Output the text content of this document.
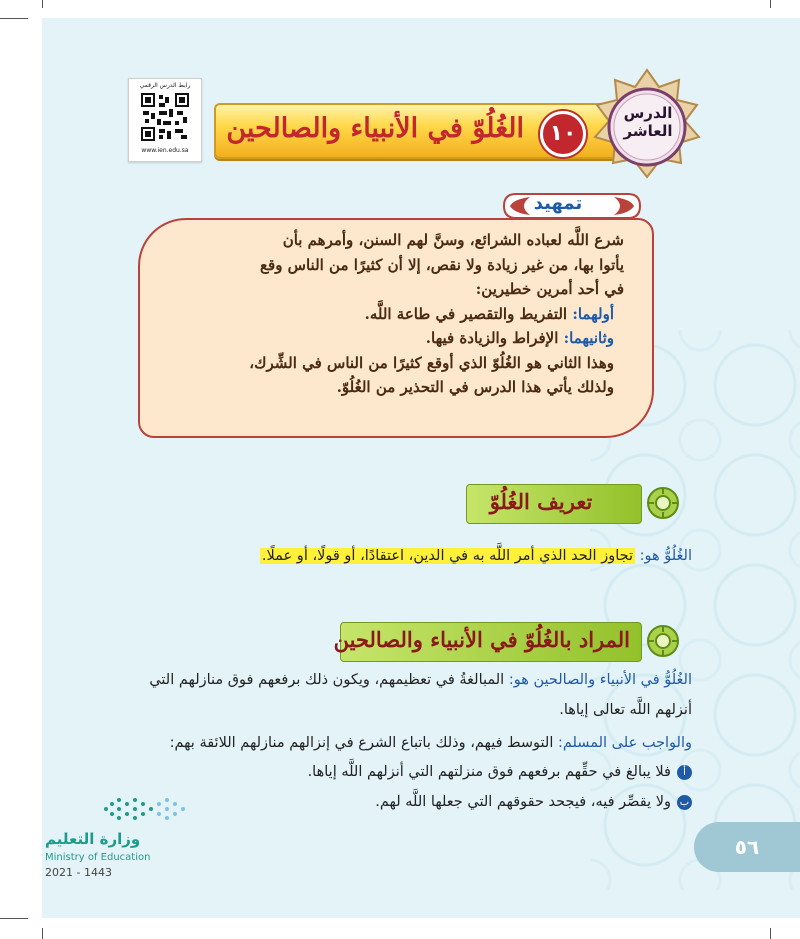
رابط الدرس الرقمي
www.ien.edu.sa
الغُلُوّ في الأنبياء والصالحين	١٠
الدرس
العاشر
تمهيد
شرع اللَّه لعباده الشرائع، وسنَّ لهم السنن، وأمرهم بأن
يأتوا بها، من غير زيادة ولا نقص، إلا أن كثيرًا من الناس وقع
في أحد أمرين خطيرين:
أولهما: التفريط والتقصير في طاعة اللَّه.
وثانيهما: الإفراط والزيادة فيها.
وهذا الثاني هو الغُلُوّ الذي أوقع كثيرًا من الناس في الشِّرك،
ولذلك يأتي هذا الدرس في التحذير من الغُلُوّ.
تعريف الغُلُوّ
الغُلُوُّ هو: تجاوز الحد الذي أمر اللَّه به في الدين، اعتقادًا، أو قولًا، أو عملًا.
المراد بالغُلُوّ في الأنبياء والصالحين
الغُلُوُّ في الأنبياء والصالحين هو: المبالغةُ في تعظيمهم، ويكون ذلك برفعهم فوق منازلهم التي
أنزلهم اللَّه تعالى إياها.
والواجب على المسلم: التوسط فيهم، وذلك باتباع الشرع في إنزالهم منازلهم اللائقة بهم:
أفلا يبالغ في حقِّهم برفعهم فوق منزلتهم التي أنزلهم اللَّه إياها.
بولا يقصِّر فيه، فيجحد حقوقهم التي جعلها اللَّه لهم.
وزارة التعليم
Ministry of Education
2021 - 1443
٥٦
